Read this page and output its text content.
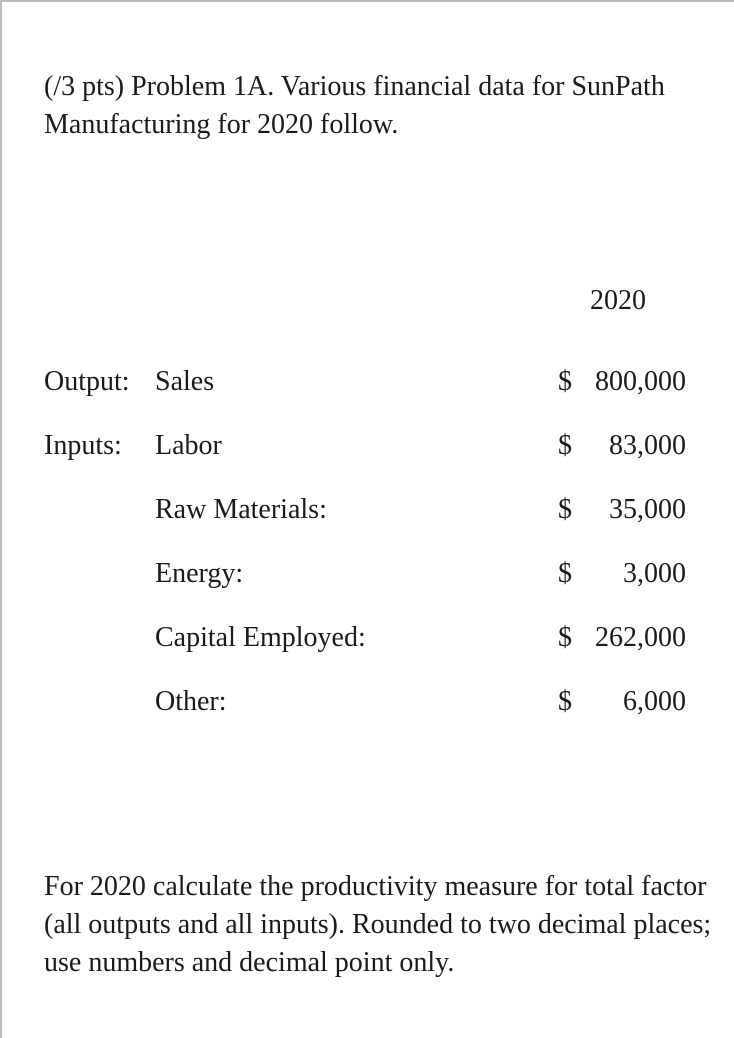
(/3 pts) Problem 1A. Various financial data for SunPath Manufacturing for 2020 follow.

2020
Output: Sales	$ 800,000
Inputs: Labor	$ 83,000
Raw Materials:	$ 35,000
Energy:	$ 3,000
Capital Employed:	$ 262,000
Other:	$ 6,000

For 2020 calculate the productivity measure for total factor (all outputs and all inputs). Rounded to two decimal places; use numbers and decimal point only.
